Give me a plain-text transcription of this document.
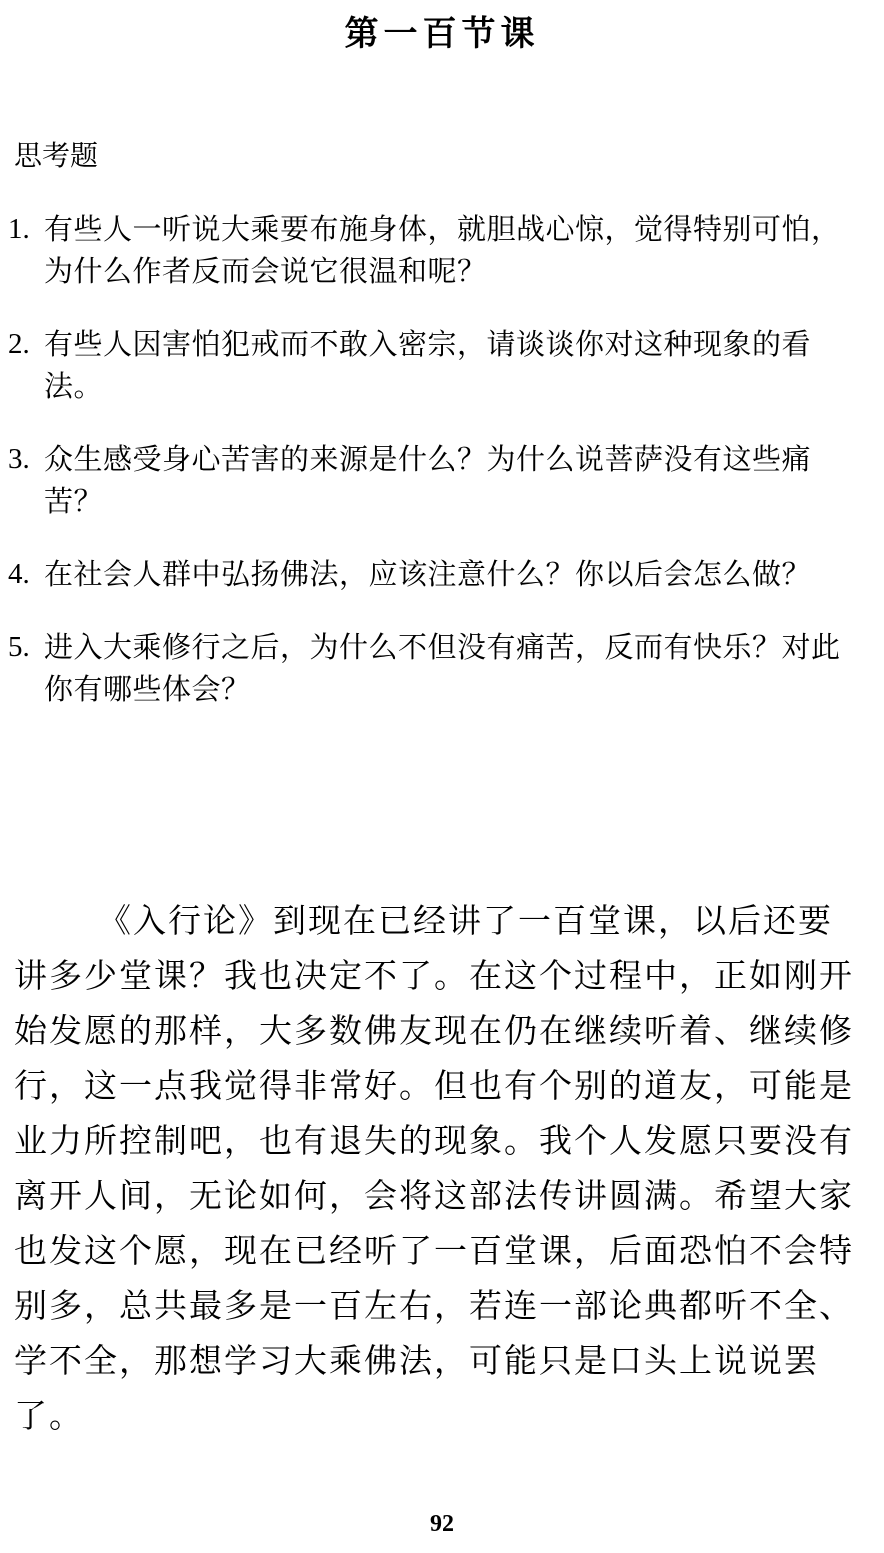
第一百节课
思考题
1. 有些人一听说大乘要布施身体，就胆战心惊，觉得特别可怕，为什么作者反而会说它很温和呢？
2. 有些人因害怕犯戒而不敢入密宗，请谈谈你对这种现象的看法。
3. 众生感受身心苦害的来源是什么？为什么说菩萨没有这些痛苦？
4. 在社会人群中弘扬佛法，应该注意什么？你以后会怎么做？
5. 进入大乘修行之后，为什么不但没有痛苦，反而有快乐？对此你有哪些体会？

《入行论》到现在已经讲了一百堂课，以后还要讲多少堂课？我也决定不了。在这个过程中，正如刚开始发愿的那样，大多数佛友现在仍在继续听着、继续修行，这一点我觉得非常好。但也有个别的道友，可能是业力所控制吧，也有退失的现象。我个人发愿只要没有离开人间，无论如何，会将这部法传讲圆满。希望大家也发这个愿，现在已经听了一百堂课，后面恐怕不会特别多，总共最多是一百左右，若连一部论典都听不全、学不全，那想学习大乘佛法，可能只是口头上说说罢了。

92
